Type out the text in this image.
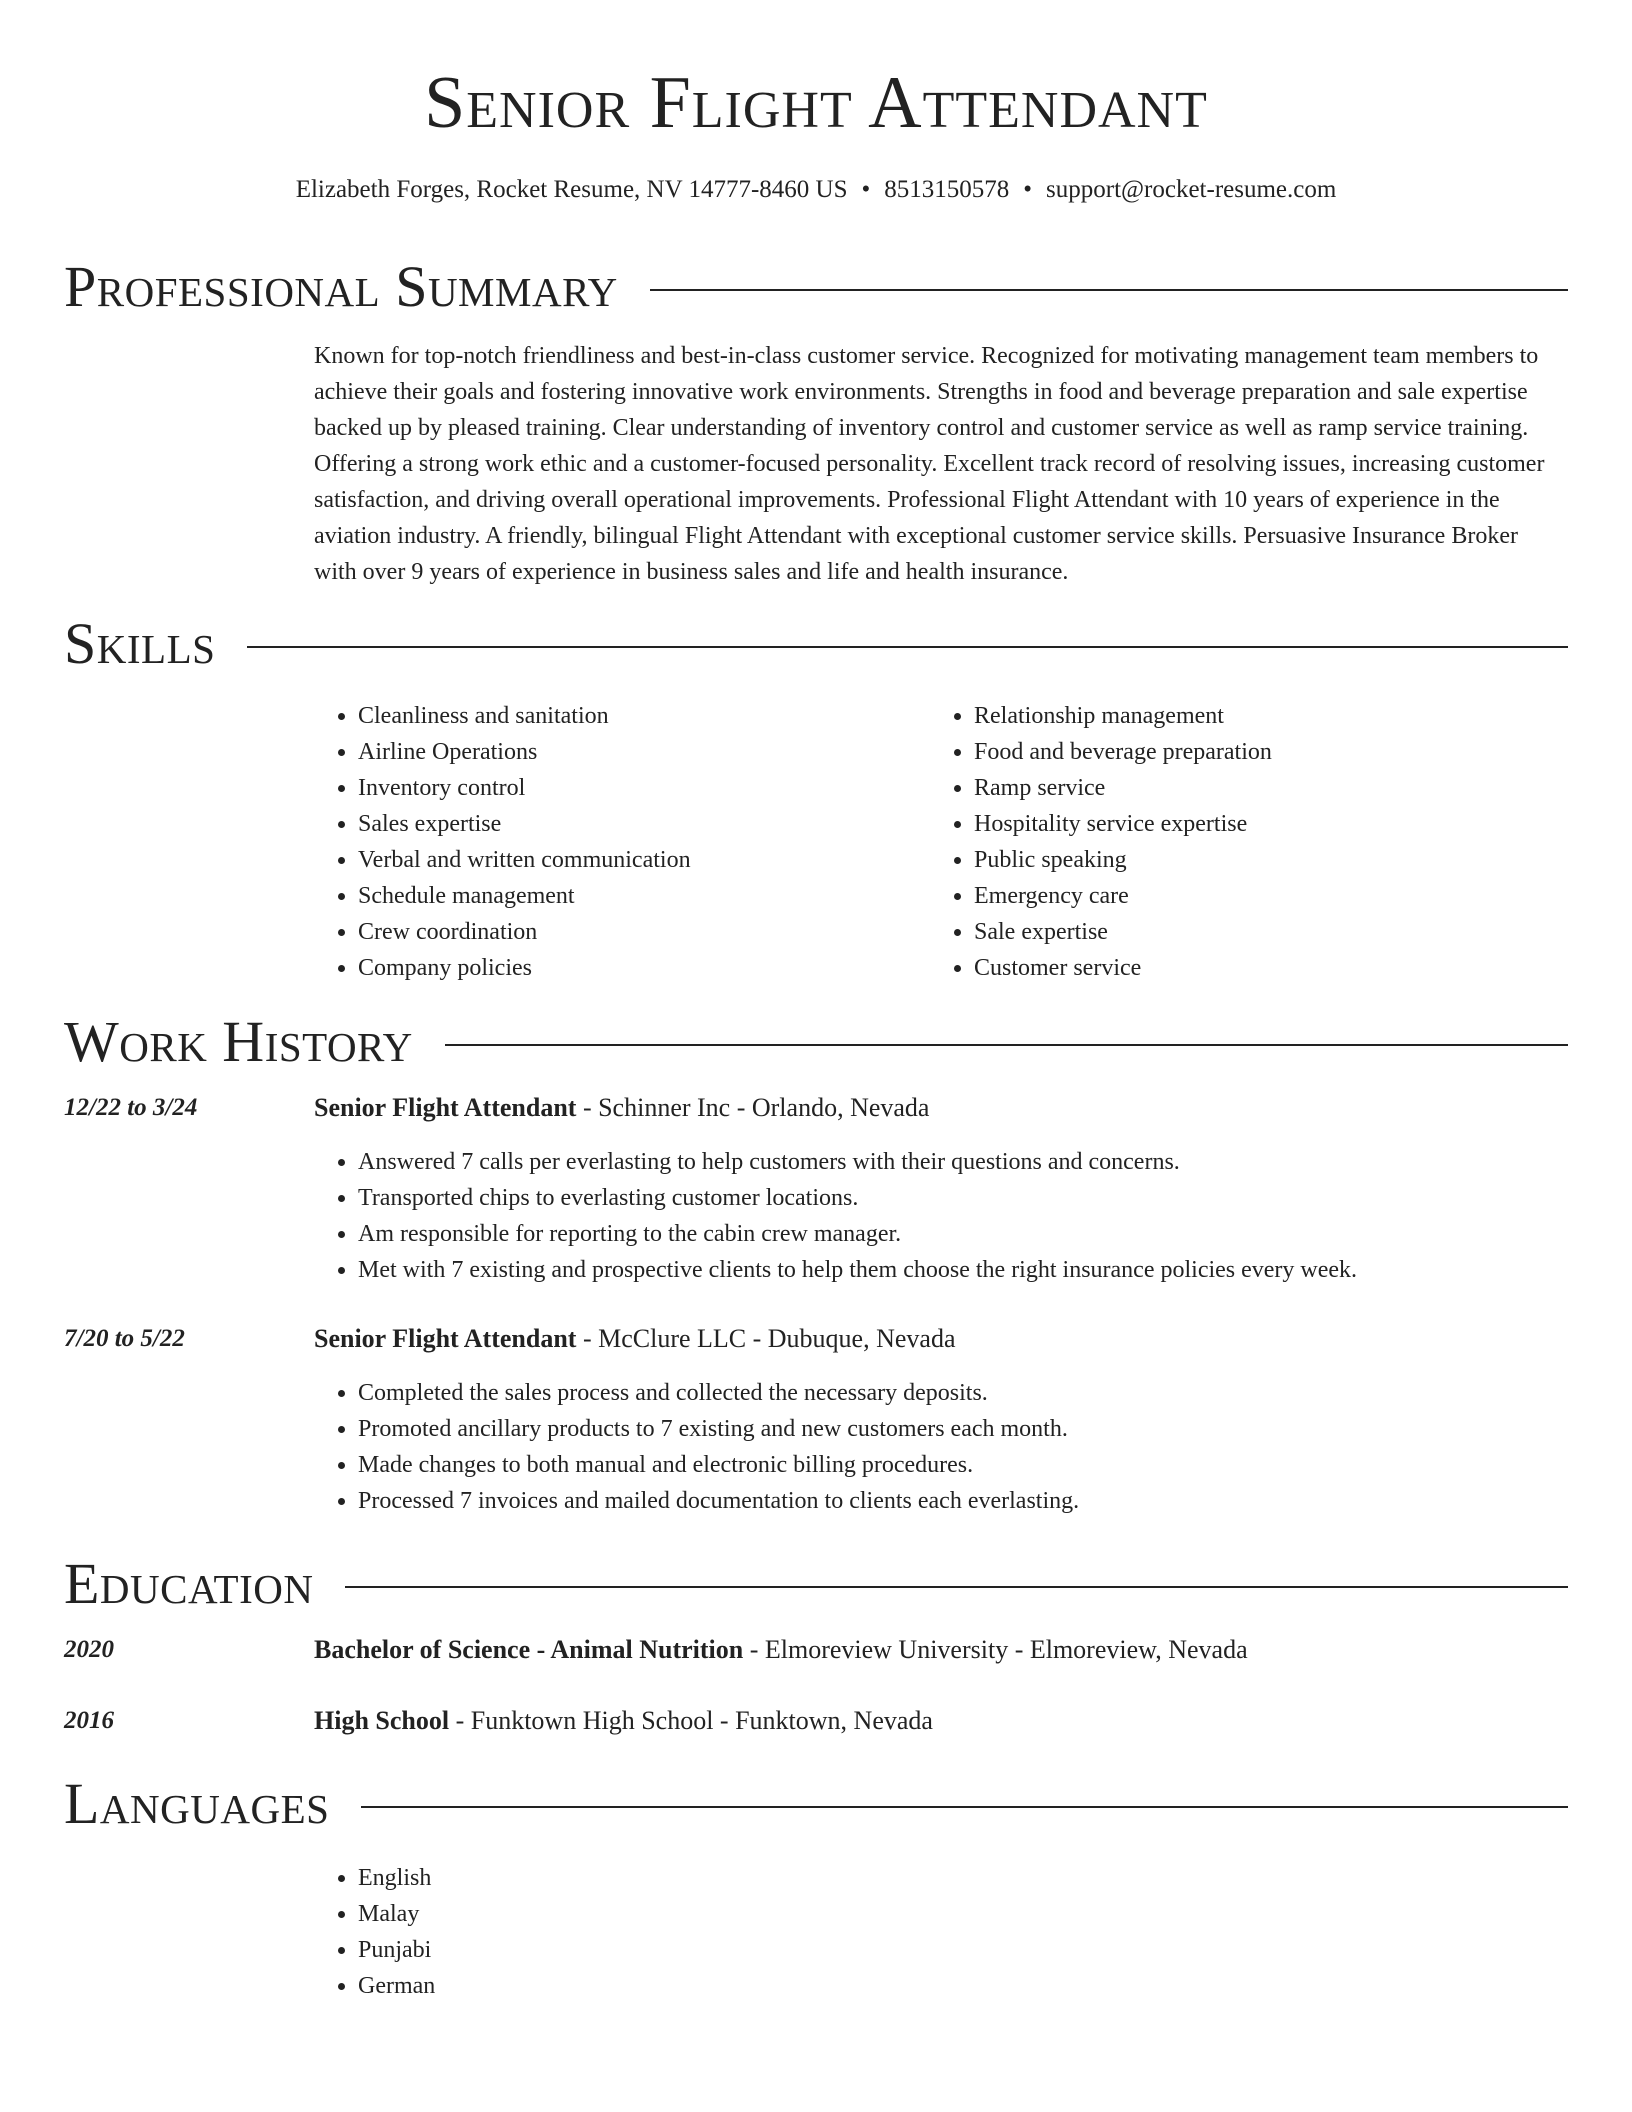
Senior Flight Attendant
Elizabeth Forges, Rocket Resume, NV 14777-8460 US • 8513150578 • support@rocket-resume.com
Professional Summary

Known for top-notch friendliness and best-in-class customer service. Recognized for motivating management team members to achieve their goals and fostering innovative work environments. Strengths in food and beverage preparation and sale expertise backed up by pleased training. Clear understanding of inventory control and customer service as well as ramp service training. Offering a strong work ethic and a customer-focused personality. Excellent track record of resolving issues, increasing customer satisfaction, and driving overall operational improvements. Professional Flight Attendant with 10 years of experience in the aviation industry. A friendly, bilingual Flight Attendant with exceptional customer service skills. Persuasive Insurance Broker with over 9 years of experience in business sales and life and health insurance.

Skills
• Cleanliness and sanitation
• Airline Operations
• Inventory control
• Sales expertise
• Verbal and written communication
• Schedule management
• Crew coordination
• Company policies
• Relationship management
• Food and beverage preparation
• Ramp service
• Hospitality service expertise
• Public speaking
• Emergency care
• Sale expertise
• Customer service
Work History
12/22 to 3/24	Senior Flight Attendant - Schinner Inc - Orlando, Nevada
• Answered 7 calls per everlasting to help customers with their questions and concerns.
• Transported chips to everlasting customer locations.
• Am responsible for reporting to the cabin crew manager.
• Met with 7 existing and prospective clients to help them choose the right insurance policies every week.
7/20 to 5/22	Senior Flight Attendant - McClure LLC - Dubuque, Nevada
• Completed the sales process and collected the necessary deposits.
• Promoted ancillary products to 7 existing and new customers each month.
• Made changes to both manual and electronic billing procedures.
• Processed 7 invoices and mailed documentation to clients each everlasting.
Education
2020	Bachelor of Science - Animal Nutrition - Elmoreview University - Elmoreview, Nevada
2016	High School - Funktown High School - Funktown, Nevada
Languages
• English
• Malay
• Punjabi
• German
